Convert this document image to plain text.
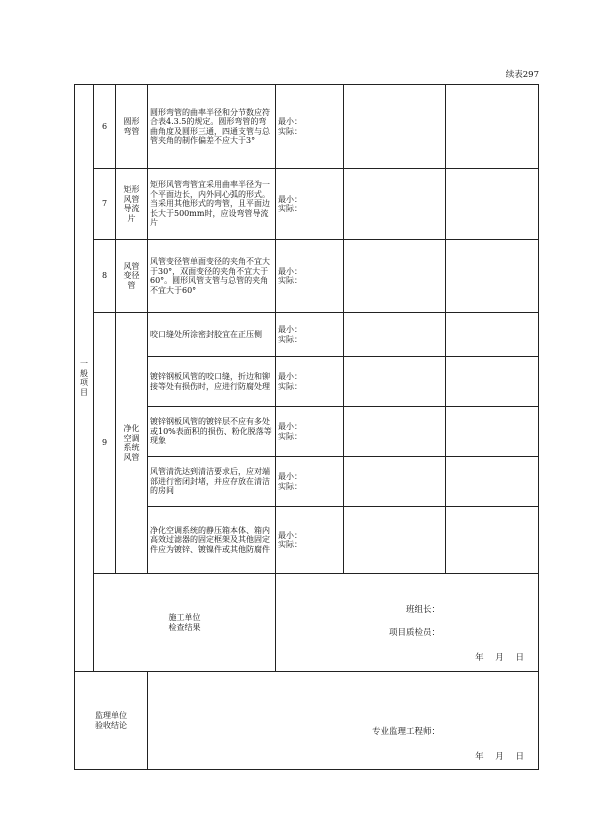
续表297
一
般
项
目	6	圆形
弯管	圆形弯管的曲率半径和分节数应符合表4.3.5的规定。圆形弯管的弯曲角度及圆形三通，四通支管与总管夹角的制作偏差不应大于3°	最小：
实际：		

	7	矩形
风管
导流
片	矩形风管弯管宜采用曲率半径为一个平面边长，内外同心弧的形式。当采用其他形式的弯管，且平面边长大于500mm时，应设弯管导流片	最小：
实际：		

	8	风管
变径
管	风管变径管单面变径的夹角不宜大于30°，双面变径的夹角不宜大于60°。圆形风管支管与总管的夹角不宜大于60°	最小：
实际：		

	9	净化
空调
系统
风管	咬口缝处所涂密封胶宜在正压侧	最小：
实际：		

			镀锌钢板风管的咬口缝，折边和铆接等处有损伤时，应进行防腐处理	最小：
实际：		

			镀锌钢板风管的镀锌层不应有多处或10%表面积的损伤、粉化脱落等现象	最小：
实际：		

			风管清洗达到清洁要求后，应对端部进行密闭封堵，并应存放在清洁的房间	最小：
实际：		

			净化空调系统的静压箱本体、箱内高效过滤器的固定框架及其他固定件应为镀锌、镀镍件或其他防腐件	最小：
实际：		

	施工单位
检查结果			班组长：
项目质检员：
年 月 日		

监理单位
验收结论			专业监理工程师：
年 月 日			
